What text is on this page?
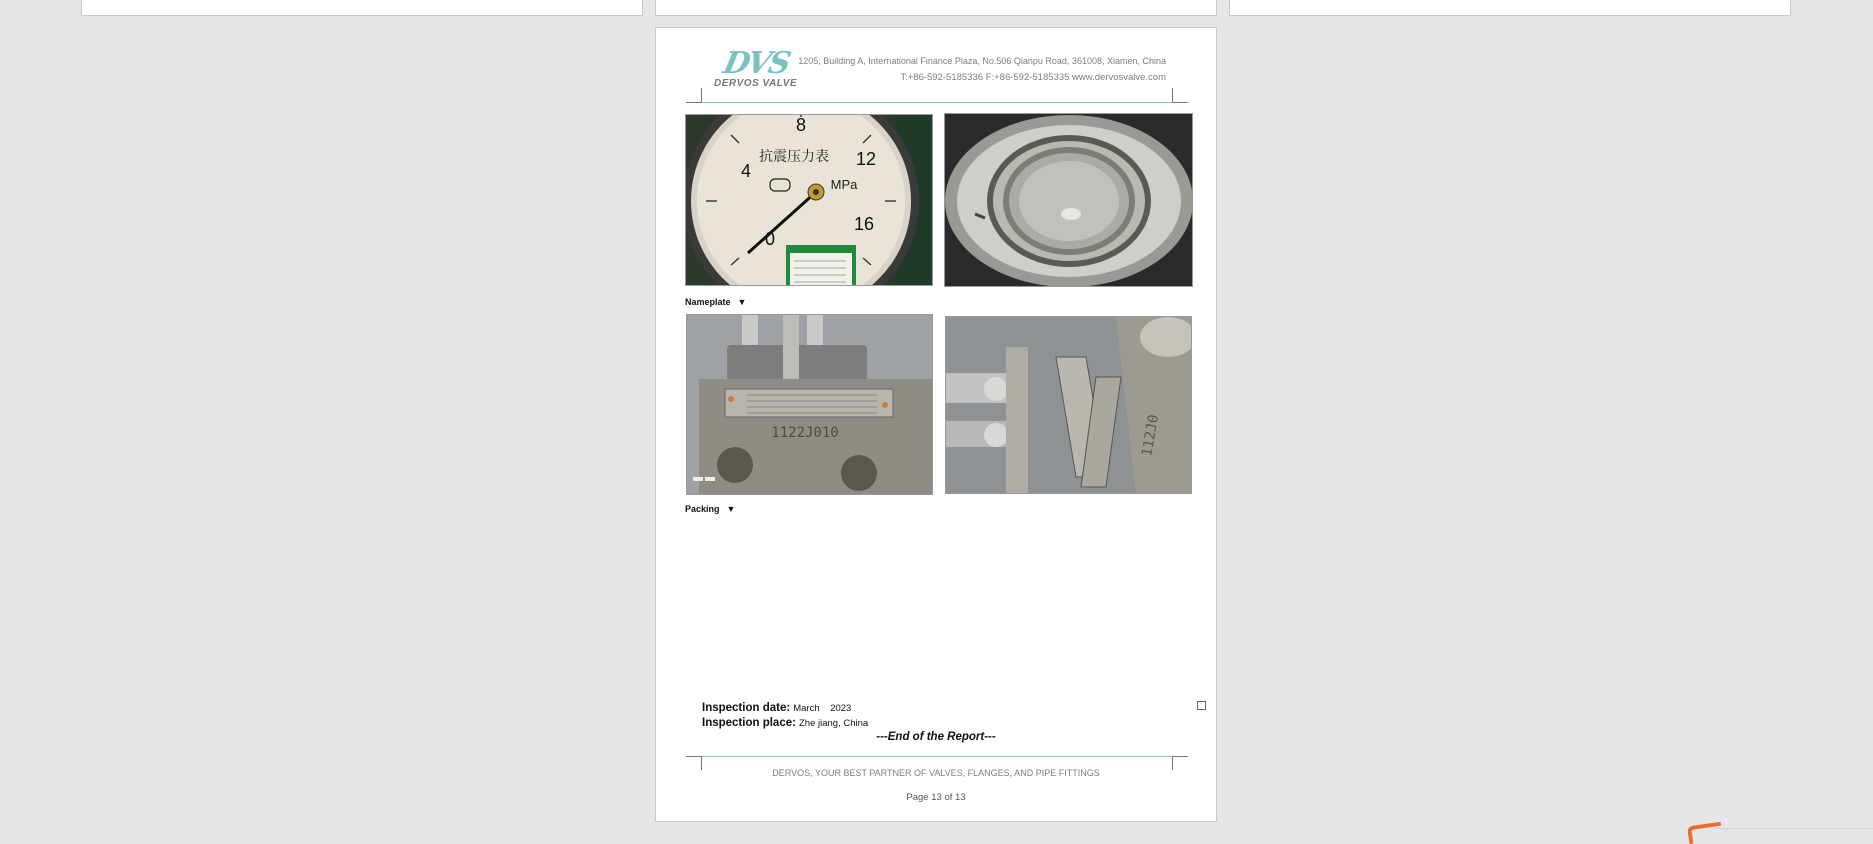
DVS
DERVOS VALVE
1205, Building A, International Finance Plaza, No.506 Qianpu Road, 361008, Xiamen, China
T:+86-592-5185336 F:+86-592-5185335 www.dervosvalve.com
8
4
12
0
16
抗震压力表
MPa
Nameplate ▼
1122J010	112J0
Packing ▼
Inspection date: March    2023
Inspection place: Zhe jiang, China
---End of the Report---
DERVOS, YOUR BEST PARTNER OF VALVES, FLANGES, AND PIPE FITTINGS
Page 13 of 13
